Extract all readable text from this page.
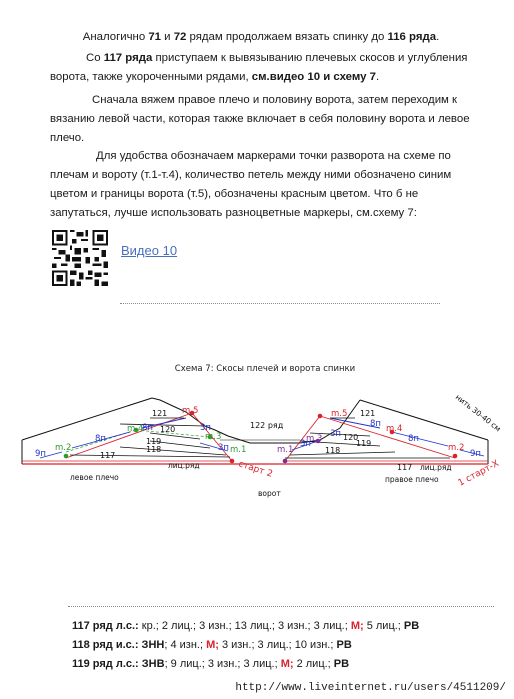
Аналогично 71 и 72 рядам продолжаем вязать спинку до 116 ряда.

Со 117 ряда приступаем к вывязыванию плечевых скосов и углубления ворота, также укороченными рядами, см.видео 10 и схему 7.

Сначала вяжем правое плечо и половину ворота, затем переходим к вязанию левой части, которая также включает в себя половину ворота и левое плечо.

Для удобства обозначаем маркерами точки разворота на схеме по плечам и вороту (т.1-т.4), количество петель между ними обозначено синим цветом и границы ворота (т.5), обозначены красным цветом. Что б не запутаться, лучше использовать разноцветные маркеры, см.схему 7:

Видео 10
Схема 7: Скосы плечей и ворота спинки
121
122 ряд
121
120
120
119	119
118	118
117
117
9п
8п
8п	3п
3п	3п
3п
8п
8п
9п
m.2
m.4
m.5
m.3
m.1	m.1
m.3
m.5
m.4
m.2
лиц.ряд	лиц.ряд
левое плечо	правое плечо
ворот
старт 2	1 старт-Х
нить 30-40 см
117 ряд л.с.: кр.; 2 лиц.; 3 изн.; 13 лиц.; 3 изн.; 3 лиц.; М; 5 лиц.; РВ
118 ряд и.с.: ЗНН; 4 изн.; М; 3 изн.; 3 лиц.; 10 изн.; РВ
119 ряд л.с.: ЗНВ; 9 лиц.; 3 изн.; 3 лиц.; М; 2 лиц.; РВ
http://www.liveinternet.ru/users/4511209/
